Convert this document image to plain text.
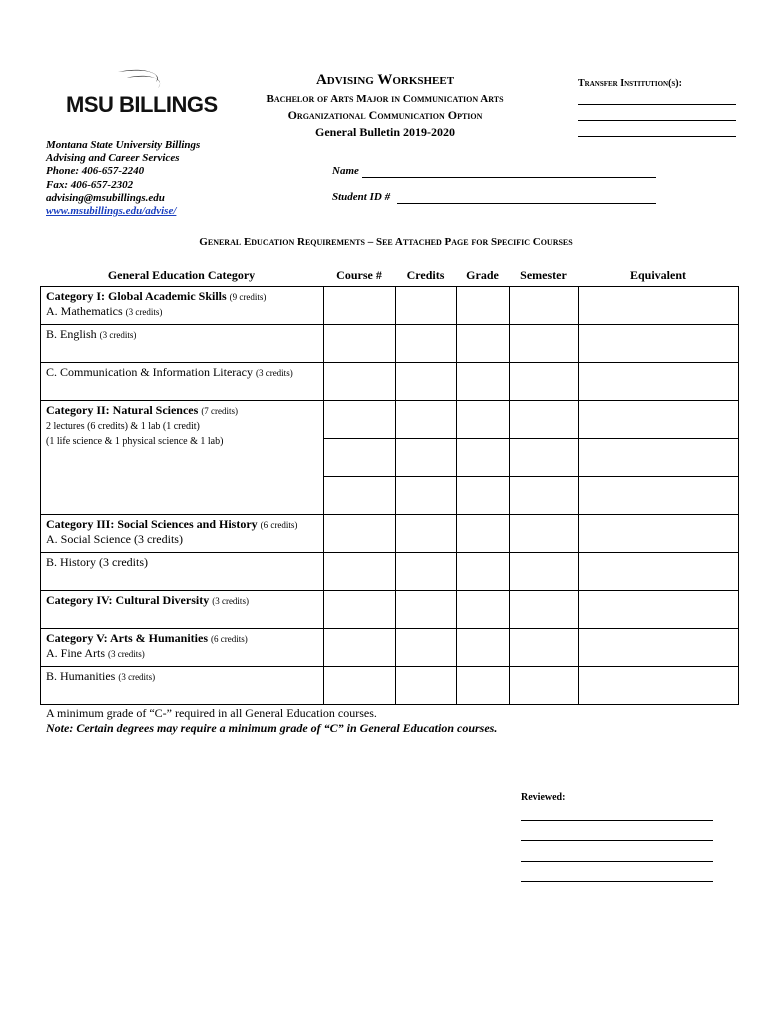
MSU BILLINGS
Advising Worksheet
Bachelor of Arts Major in Communication Arts
Organizational Communication Option
General Bulletin 2019-2020
Transfer Institution(s):
Montana State University Billings
Advising and Career Services
Phone: 406-657-2240
Fax: 406-657-2302
advising@msubillings.edu
www.msubillings.edu/advise/
Name
Student ID #
General Education Requirements – See Attached Page for Specific Courses
General Education Category	Course #	Credits	Grade	Semester	Equivalent
Category I: Global Academic Skills (9 credits)
A. Mathematics (3 credits)					
B. English (3 credits)					
C. Communication & Information Literacy (3 credits)					
Category II: Natural Sciences (7 credits)
2 lectures (6 credits) & 1 lab (1 credit)
(1 life science & 1 physical science & 1 lab)					

Category III: Social Sciences and History (6 credits)
A. Social Science (3 credits)					
B. History (3 credits)					
Category IV: Cultural Diversity (3 credits)					
Category V: Arts & Humanities (6 credits)
A. Fine Arts (3 credits)					
B. Humanities (3 credits)					
A minimum grade of “C-” required in all General Education courses.
Note: Certain degrees may require a minimum grade of “C” in General Education courses.
Reviewed:
